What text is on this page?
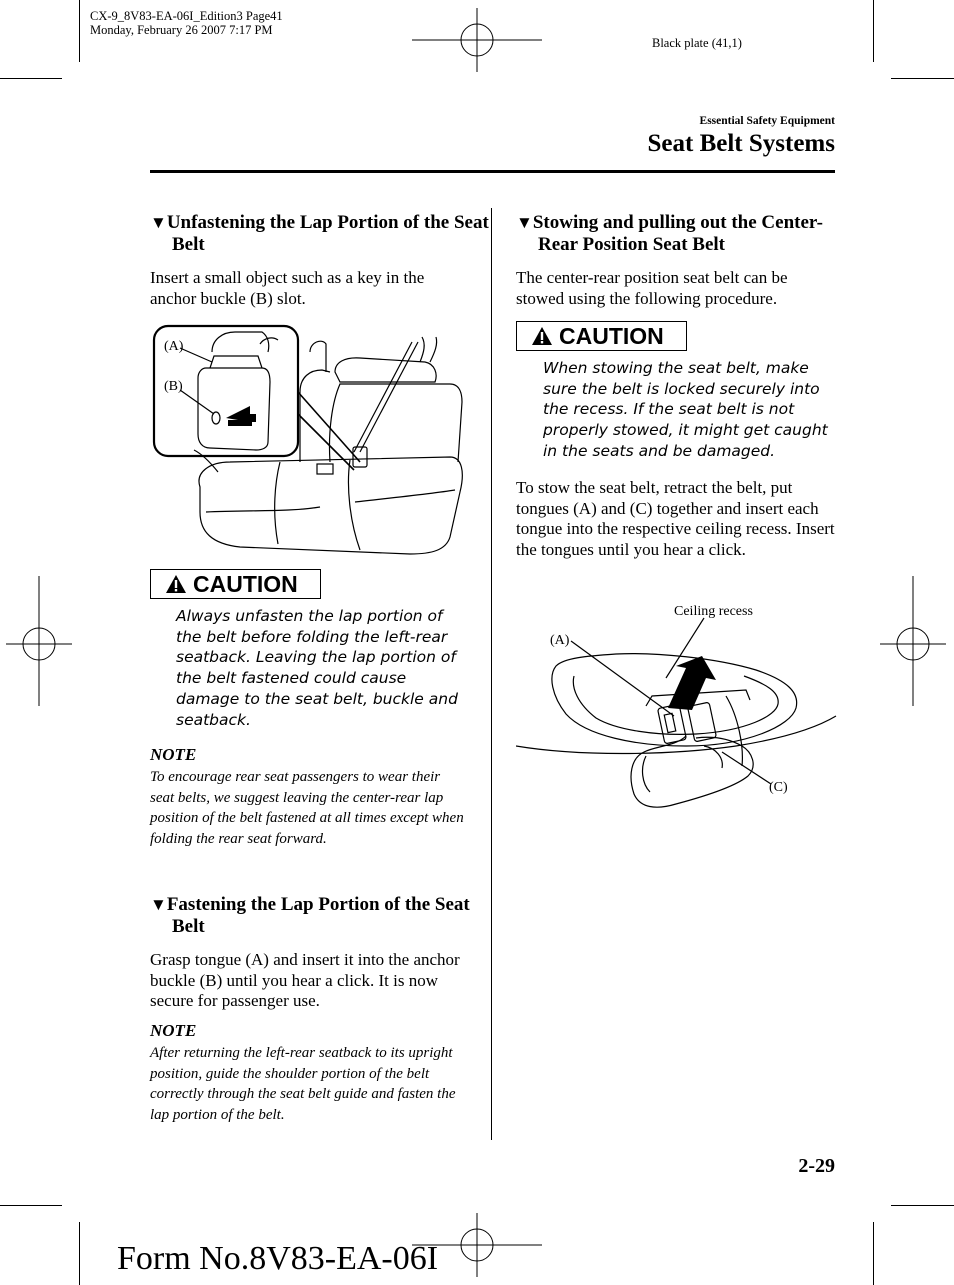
CX-9_8V83-EA-06I_Edition3 Page41
Monday, February 26 2007 7:17 PM
Black plate (41,1)
Essential Safety Equipment
Seat Belt Systems
▼Unfastening the Lap Portion of the Seat Belt
Insert a small object such as a key in the anchor buckle (B) slot.
(A)
(B)
CAUTION
Always unfasten the lap portion of the belt before folding the left-rear seatback. Leaving the lap portion of the belt fastened could cause damage to the seat belt, buckle and seatback.
NOTE
To encourage rear seat passengers to wear their seat belts, we suggest leaving the center-rear lap position of the belt fastened at all times except when folding the rear seat forward.
▼Fastening the Lap Portion of the Seat Belt
Grasp tongue (A) and insert it into the anchor buckle (B) until you hear a click. It is now secure for passenger use.
NOTE
After returning the left-rear seatback to its upright position, guide the shoulder portion of the belt correctly through the seat belt guide and fasten the lap portion of the belt.
▼Stowing and pulling out the Center-Rear Position Seat Belt
The center-rear position seat belt can be stowed using the following procedure.
CAUTION
When stowing the seat belt, make sure the belt is locked securely into the recess. If the seat belt is not properly stowed, it might get caught in the seats and be damaged.
To stow the seat belt, retract the belt, put tongues (A) and (C) together and insert each tongue into the respective ceiling recess. Insert the tongues until you hear a click.
Ceiling recess
(A)
(C)
2-29
Form No.8V83-EA-06I
